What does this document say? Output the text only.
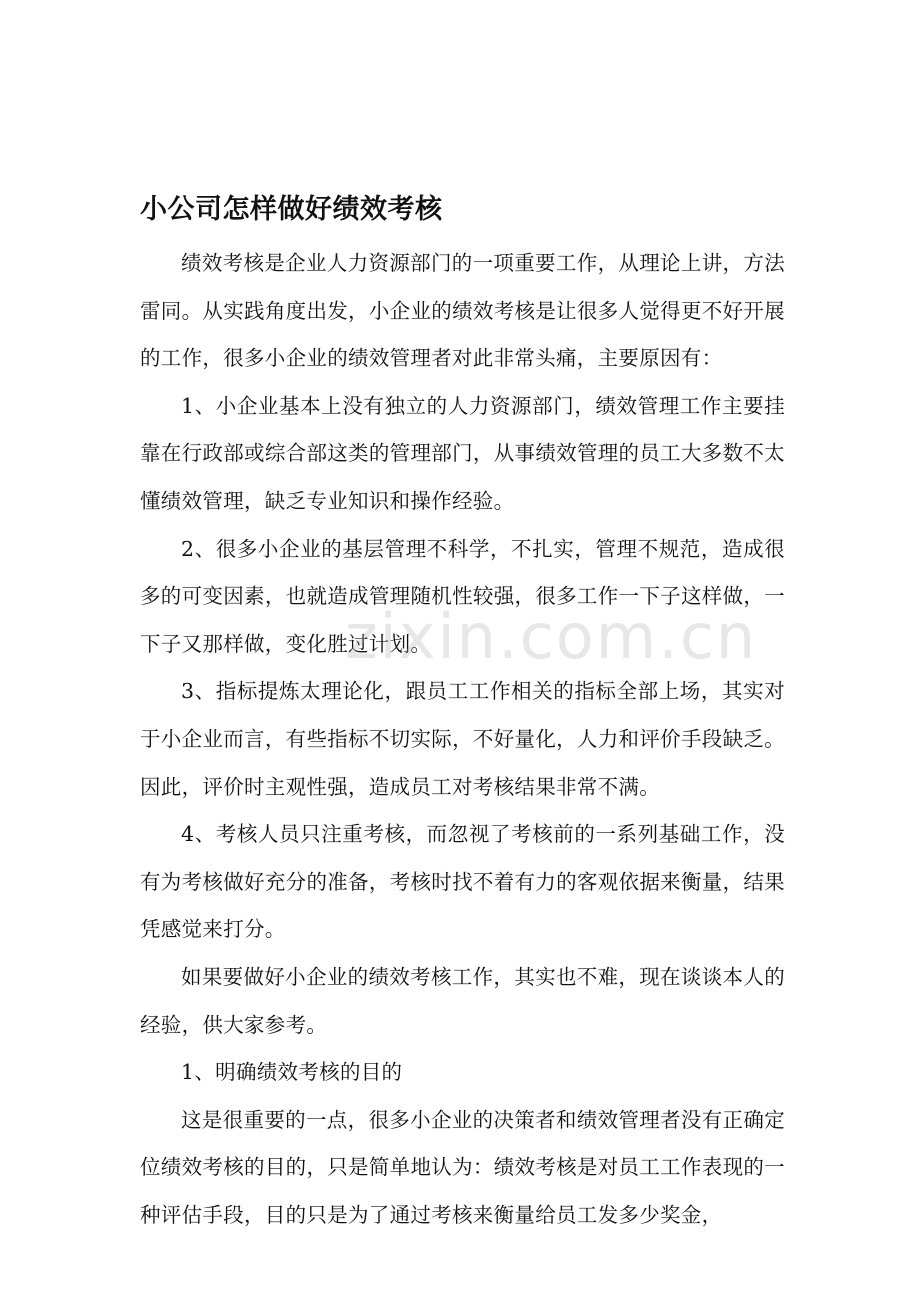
小公司怎样做好绩效考核

绩效考核是企业人力资源部门的一项重要工作，从理论上讲，方法雷同。从实践角度出发，小企业的绩效考核是让很多人觉得更不好开展的工作，很多小企业的绩效管理者对此非常头痛，主要原因有：

1、小企业基本上没有独立的人力资源部门，绩效管理工作主要挂靠在行政部或综合部这类的管理部门，从事绩效管理的员工大多数不太懂绩效管理，缺乏专业知识和操作经验。

2、很多小企业的基层管理不科学，不扎实，管理不规范，造成很多的可变因素，也就造成管理随机性较强，很多工作一下子这样做，一下子又那样做，变化胜过计划。

3、指标提炼太理论化，跟员工工作相关的指标全部上场，其实对于小企业而言，有些指标不切实际，不好量化，人力和评价手段缺乏。因此，评价时主观性强，造成员工对考核结果非常不满。

4、考核人员只注重考核，而忽视了考核前的一系列基础工作，没有为考核做好充分的准备，考核时找不着有力的客观依据来衡量，结果凭感觉来打分。

如果要做好小企业的绩效考核工作，其实也不难，现在谈谈本人的经验，供大家参考。

1、明确绩效考核的目的

这是很重要的一点，很多小企业的决策者和绩效管理者没有正确定位绩效考核的目的，只是简单地认为：绩效考核是对员工工作表现的一种评估手段，目的只是为了通过考核来衡量给员工发多少奖金，

zixin.com.cn
